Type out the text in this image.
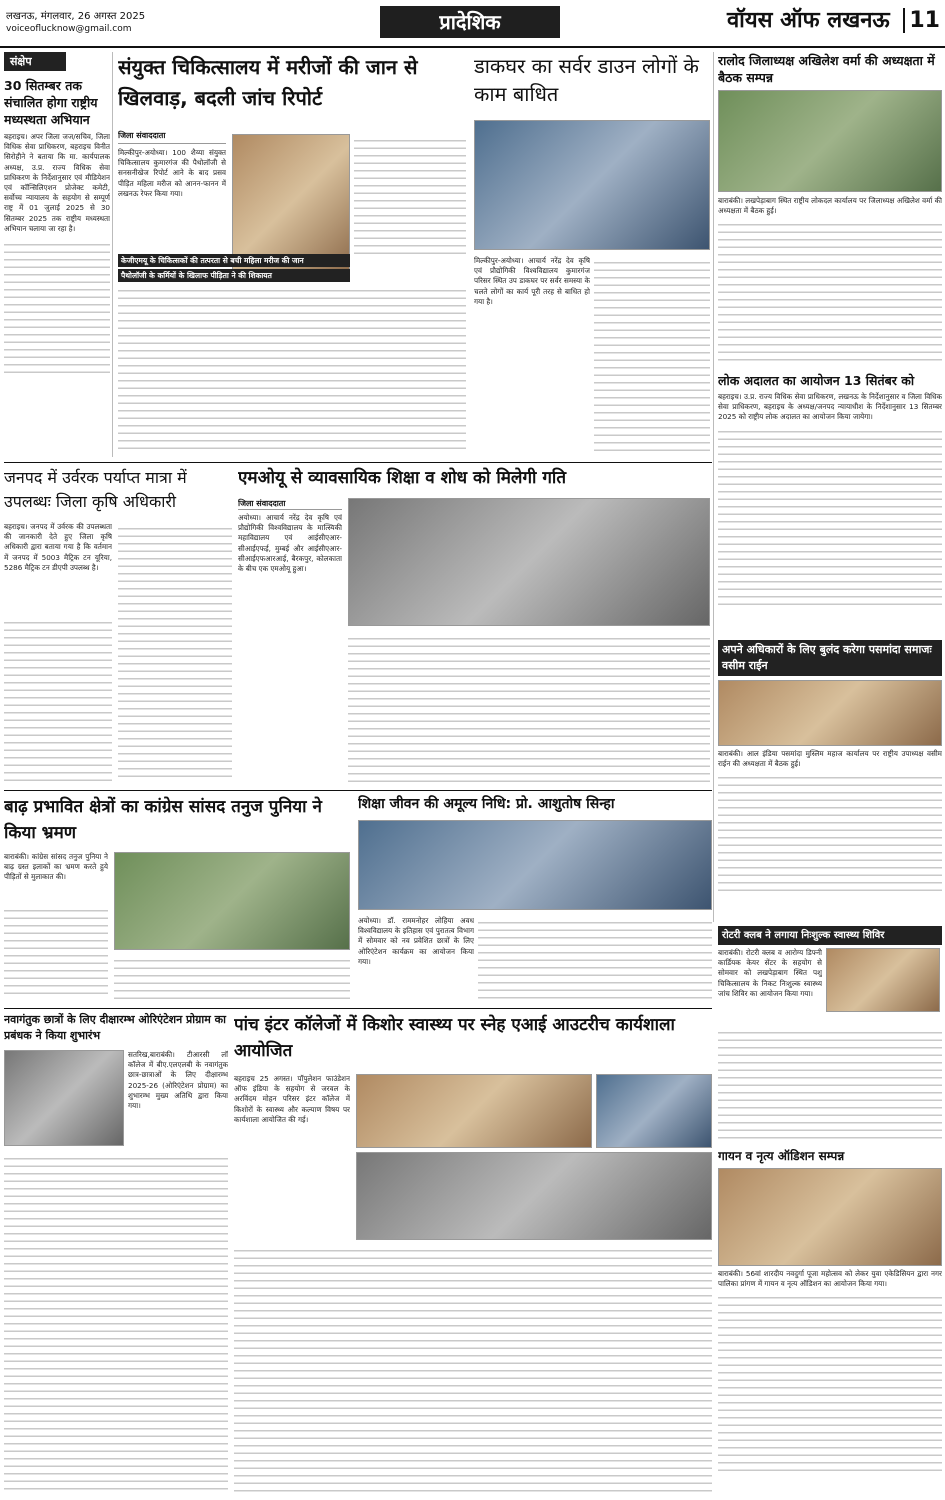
लखनऊ, मंगलवार, 26 अगस्त 2025
voiceoflucknow@gmail.com	प्रादेशिक	वॉयस ऑफ लखनऊ 11
संक्षेप
30 सितम्बर तक संचालित होगा राष्ट्रीय मध्यस्थता अभियान
बहराइच। अपर जिला जज/सचिव, जिला विधिक सेवा प्राधिकरण, बहराइच विनीत सिरोहीने ने बताया कि मा. कार्यपालक अध्यक्ष, उ.प्र. राज्य विधिक सेवा प्राधिकरण के निर्देशानुसार एवं मीडियेशन एवं कॉन्सिलिएशन प्रोजेक्ट कमेटी, सर्वोच्च न्यायालय के सहयोग से सम्पूर्ण राष्ट्र में 01 जुलाई 2025 से 30 सितम्बर 2025 तक राष्ट्रीय मध्यस्थता अभियान चलाया जा रहा है।
संयुक्त चिकित्सालय में मरीजों की जान से खिलवाड़, बदली जांच रिपोर्ट
जिला संवाददाता
मिल्कीपुर-अयोध्या। 100 शैय्या संयुक्त चिकित्सालय कुमारगंज की पैथोलॉजी से सनसनीखेज रिपोर्ट आने के बाद प्रसव पीड़ित महिला मरीज को आनन-फानन में लखनऊ रेफर किया गया।
केजीएमयू के चिकित्सकों की तत्परता से बची महिला मरीज की जान
पैथोलॉजी के कर्मियों के खिलाफ पीड़िता ने की शिकायत
डाकघर का सर्वर डाउन लोगों के काम बाधित
मिल्कीपुर-अयोध्या। आचार्य नरेंद्र देव कृषि एवं प्रौद्योगिकी विश्वविद्यालय कुमारगंज परिसर स्थित उप डाकघर पर सर्वर समस्या के चलते लोगों का कार्य पूरी तरह से बाधित हो गया है।
रालोद जिलाध्यक्ष अखिलेश वर्मा की अध्यक्षता में बैठक सम्पन्न
बाराबंकी। लखपेड़ाबाग स्थित राष्ट्रीय लोकदल कार्यालय पर जिलाध्यक्ष अखिलेश वर्मा की अध्यक्षता में बैठक हुई।
लोक अदालत का आयोजन 13 सितंबर को
बहराइच। उ.प्र. राज्य विधिक सेवा प्राधिकरण, लखनऊ के निर्देशानुसार व जिला विधिक सेवा प्राधिकरण, बहराइच के अध्यक्ष/जनपद न्यायाधीश के निर्देशानुसार 13 सितम्बर 2025 को राष्ट्रीय लोक अदालत का आयोजन किया जायेगा।
जनपद में उर्वरक पर्याप्त मात्रा में उपलब्धः जिला कृषि अधिकारी
बहराइच। जनपद में उर्वरक की उपलब्धता की जानकारी देते हुए जिला कृषि अधिकारी द्वारा बताया गया है कि वर्तमान में जनपद में 5003 मैट्रिक टन यूरिया, 5286 मैट्रिक टन डीएपी उपलब्ध है।
एमओयू से व्यावसायिक शिक्षा व शोध को मिलेगी गति
जिला संवाददाता
अयोध्या। आचार्य नरेंद्र देव कृषि एवं प्रौद्योगिकी विश्वविद्यालय के मात्स्यिकी महाविद्यालय एवं आईसीएआर-सीआईएफई, मुम्बई और आईसीएआर-सीआईएफआरआई, बैरकपुर, कोलकाता के बीच एक एमओयू हुआ।
अपने अधिकारों के लिए बुलंद करेगा पसमांदा समाजः वसीम राईन
बाराबंकी। आल इंडिया पसमांदा मुस्लिम महाज कार्यालय पर राष्ट्रीय उपाध्यक्ष वसीम राईन की अध्यक्षता में बैठक हुई।
बाढ़ प्रभावित क्षेत्रों का कांग्रेस सांसद तनुज पुनिया ने किया भ्रमण
बाराबंकी। कांग्रेस सांसद तनुज पुनिया ने बाढ़ ग्रस्त इलाकों का भ्रमण करते हुये पीड़ितों से मुलाकात की।
शिक्षा जीवन की अमूल्य निधि: प्रो. आशुतोष सिन्हा
अयोध्या। डॉ. राममनोहर लोहिया अवध विश्वविद्यालय के इतिहास एवं पुरातत्व विभाग में सोमवार को नव प्रवेशित छात्रों के लिए ओरिएंटेशन कार्यक्रम का आयोजन किया गया।
रोटरी क्लब ने लगाया निःशुल्क स्वास्थ्य शिविर
बाराबंकी। रोटरी क्लब व आरोग्य डिफ्नी कार्डियक केयर सेंटर के सहयोग से सोमवार को लखपेड़ाबाग स्थित पशु चिकित्सालय के निकट निःशुल्क स्वास्थ्य जांच शिविर का आयोजन किया गया।
नवागंतुक छात्रों के लिए दीक्षारम्भ ओरिएंटेशन प्रोग्राम का प्रबंधक ने किया शुभारंभ
सतरिख,बाराबंकी। टीआरसी लॉ कॉलेज में बीए.एलएलबी के नवागंतुक छात्र-छात्राओं के लिए दीक्षारम्भ 2025-26 (ओरिएंटेशन प्रोग्राम) का शुभारम्भ मुख्य अतिथि द्वारा किया गया।
पांच इंटर कॉलेजों में किशोर स्वास्थ्य पर स्नेह एआई आउटरीच कार्यशाला आयोजित
बहराइच 25 अगस्त। पॉपुलेशन फाउंडेशन ऑफ इंडिया के सहयोग से जरवल के अरविंदम मोहन परिसर इंटर कॉलेज में किशोरों के स्वास्थ्य और कल्याण विषय पर कार्यशाला आयोजित की गई।
गायन व नृत्य ऑडिशन सम्पन्न
बाराबंकी। 56वां शारदीय नवदुर्गा पूजा महोत्सव को लेकर युवा एकेडिसियन द्वारा नगर पालिका प्रांगण में गायन व नृत्य ऑडिशन का आयोजन किया गया।
